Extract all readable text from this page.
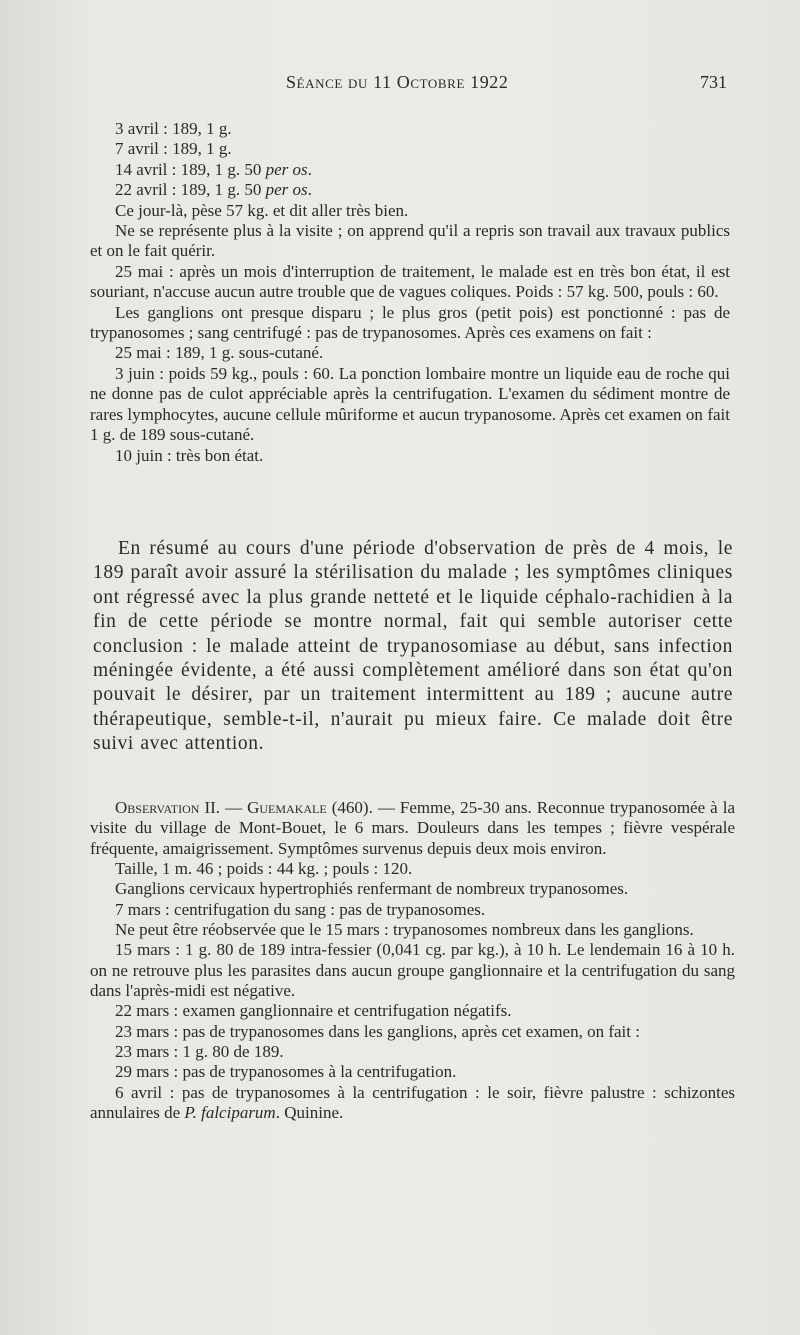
Séance du 11 Octobre 1922	731

3 avril : 189, 1 g.

7 avril : 189, 1 g.

14 avril : 189, 1 g. 50 per os.

22 avril : 189, 1 g. 50 per os.

Ce jour-là, pèse 57 kg. et dit aller très bien.

Ne se représente plus à la visite ; on apprend qu'il a repris son travail aux travaux publics et on le fait quérir.

25 mai : après un mois d'interruption de traitement, le malade est en très bon état, il est souriant, n'accuse aucun autre trouble que de vagues coliques. Poids : 57 kg. 500, pouls : 60.

Les ganglions ont presque disparu ; le plus gros (petit pois) est ponctionné : pas de trypanosomes ; sang centrifugé : pas de trypanosomes. Après ces examens on fait :

25 mai : 189, 1 g. sous-cutané.

3 juin : poids 59 kg., pouls : 60. La ponction lombaire montre un liquide eau de roche qui ne donne pas de culot appréciable après la centrifugation. L'examen du sédiment montre de rares lymphocytes, aucune cellule mûriforme et aucun trypanosome. Après cet examen on fait 1 g. de 189 sous-cutané.

10 juin : très bon état.

En résumé au cours d'une période d'observation de près de 4 mois, le 189 paraît avoir assuré la stérilisation du malade ; les symptômes cliniques ont régressé avec la plus grande netteté et le liquide céphalo-rachidien à la fin de cette période se montre normal, fait qui semble autoriser cette conclusion : le malade atteint de trypanosomiase au début, sans infection méningée évidente, a été aussi complètement amélioré dans son état qu'on pouvait le désirer, par un traitement intermittent au 189 ; aucune autre thérapeutique, semble-t-il, n'aurait pu mieux faire. Ce malade doit être suivi avec attention.

Observation II. — Guemakale (460). — Femme, 25-30 ans. Reconnue trypanosomée à la visite du village de Mont-Bouet, le 6 mars. Douleurs dans les tempes ; fièvre vespérale fréquente, amaigrissement. Symptômes survenus depuis deux mois environ.

Taille, 1 m. 46 ; poids : 44 kg. ; pouls : 120.

Ganglions cervicaux hypertrophiés renfermant de nombreux trypanosomes.

7 mars : centrifugation du sang : pas de trypanosomes.

Ne peut être réobservée que le 15 mars : trypanosomes nombreux dans les ganglions.

15 mars : 1 g. 80 de 189 intra-fessier (0,041 cg. par kg.), à 10 h. Le lendemain 16 à 10 h. on ne retrouve plus les parasites dans aucun groupe ganglionnaire et la centrifugation du sang dans l'après-midi est négative.

22 mars : examen ganglionnaire et centrifugation négatifs.

23 mars : pas de trypanosomes dans les ganglions, après cet examen, on fait :

23 mars : 1 g. 80 de 189.

29 mars : pas de trypanosomes à la centrifugation.

6 avril : pas de trypanosomes à la centrifugation : le soir, fièvre palustre : schizontes annulaires de P. falciparum. Quinine.
